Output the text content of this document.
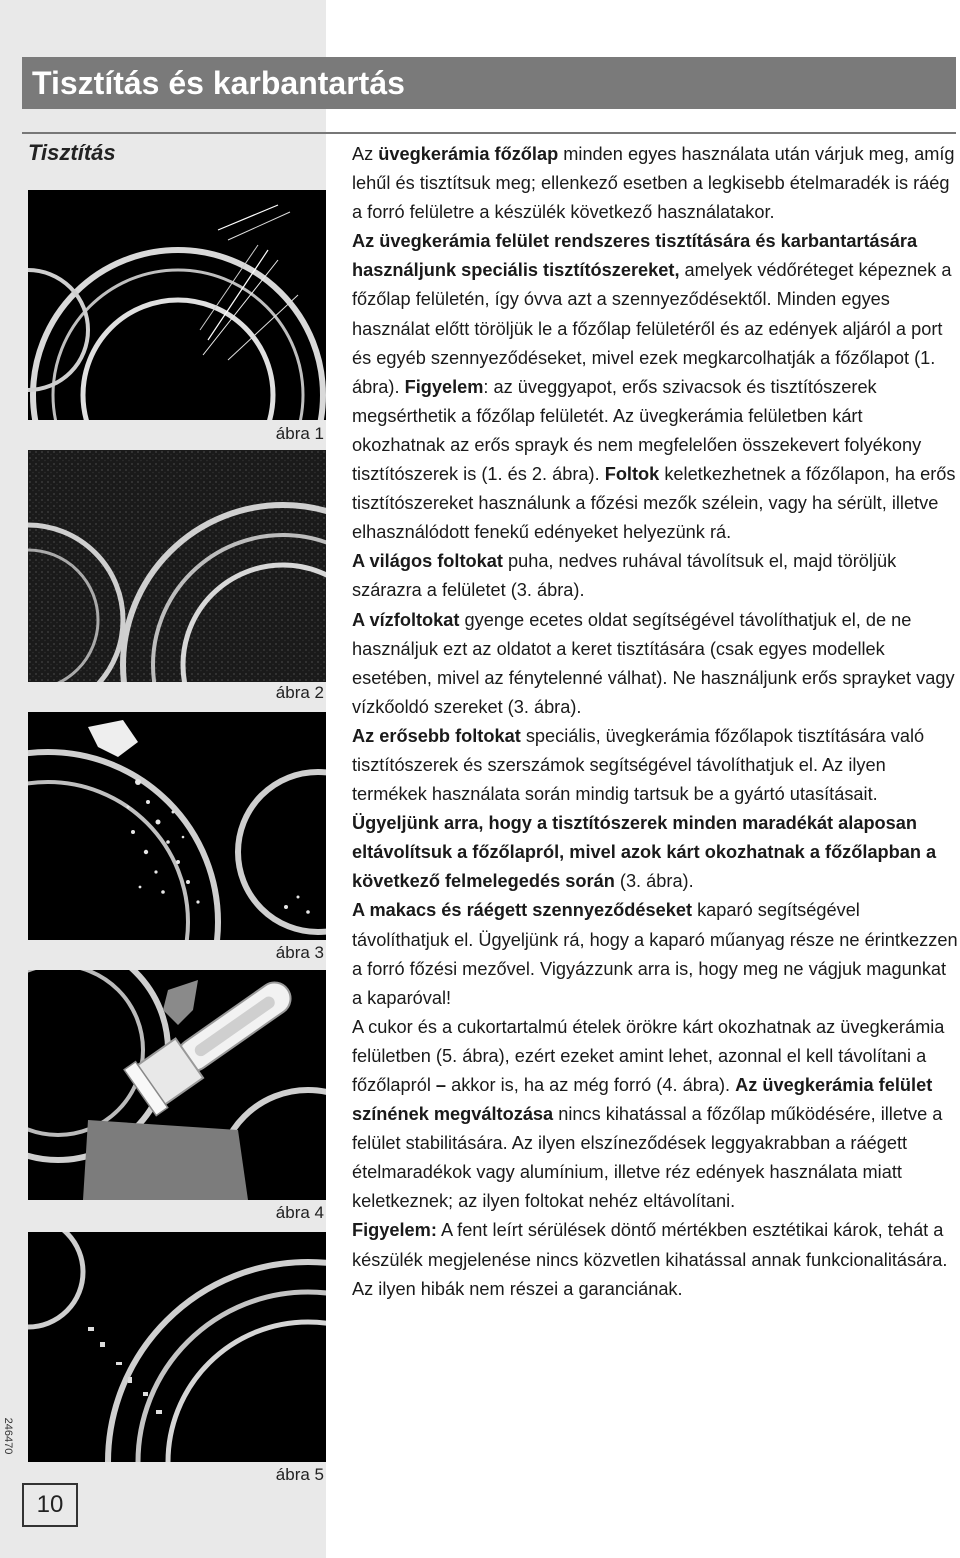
Tisztítás és karbantartás
Tisztítás
ábra 1
ábra 2
ábra 3
ábra 4
ábra 5
246470
10

Az üvegkerámia főzőlap minden egyes használata után várjuk meg, amíg lehűl és tisztítsuk meg; ellenkező esetben a legkisebb ételmaradék is ráég a forró felületre a készülék következő használatakor.

Az üvegkerámia felület rendszeres tisztítására és karbantartására használjunk speciális tisztítószereket, amelyek védőréteget képeznek a főzőlap felületén, így óvva azt a szennyeződésektől. Minden egyes használat előtt töröljük le a főzőlap felületéről és az edények aljáról a port és egyéb szennyeződéseket, mivel ezek megkarcolhatják a főzőlapot (1. ábra). Figyelem: az üveggyapot, erős szivacsok és tisztítószerek megsérthetik a főzőlap felületét. Az üvegkerámia felületben kárt okozhatnak az erős sprayk és nem megfelelően összekevert folyékony tisztítószerek is (1. és 2. ábra). Foltok keletkezhetnek a főzőlapon, ha erős tisztítószereket használunk a főzési mezők szélein, vagy ha sérült, illetve elhasználódott fenekű edényeket helyezünk rá.

A világos foltokat puha, nedves ruhával távolítsuk el, majd töröljük szárazra a felületet (3. ábra).

A vízfoltokat gyenge ecetes oldat segítségével távolíthatjuk el, de ne használjuk ezt az oldatot a keret tisztítására (csak egyes modellek esetében, mivel az fénytelenné válhat). Ne használjunk erős sprayket vagy vízkőoldó szereket (3. ábra).

Az erősebb foltokat speciális, üvegkerámia főzőlapok tisztítására való tisztítószerek és szerszámok segítségével távolíthatjuk el. Az ilyen termékek használata során mindig tartsuk be a gyártó utasításait.

Ügyeljünk arra, hogy a tisztítószerek minden maradékát alaposan eltávolítsuk a főzőlapról, mivel azok kárt okozhatnak a főzőlapban a következő felmelegedés során (3. ábra).

A makacs és ráégett szennyeződéseket kaparó segítségével távolíthatjuk el. Ügyeljünk rá, hogy a kaparó műanyag része ne érintkezzen a forró főzési mezővel. Vigyázzunk arra is, hogy meg ne vágjuk magunkat a kaparóval!

A cukor és a cukortartalmú ételek örökre kárt okozhatnak az üvegkerámia felületben (5. ábra), ezért ezeket amint lehet, azonnal el kell távolítani a főzőlapról – akkor is, ha az még forró (4. ábra). Az üvegkerámia felület színének megváltozása nincs kihatással a főzőlap működésére, illetve a felület stabilitására. Az ilyen elszíneződések leggyakrabban a ráégett ételmaradékok vagy alumínium, illetve réz edények használata miatt keletkeznek; az ilyen foltokat nehéz eltávolítani.

Figyelem: A fent leírt sérülések döntő mértékben esztétikai károk, tehát a készülék megjelenése nincs közvetlen kihatással annak funkcionalitására. Az ilyen hibák nem részei a garanciának.
